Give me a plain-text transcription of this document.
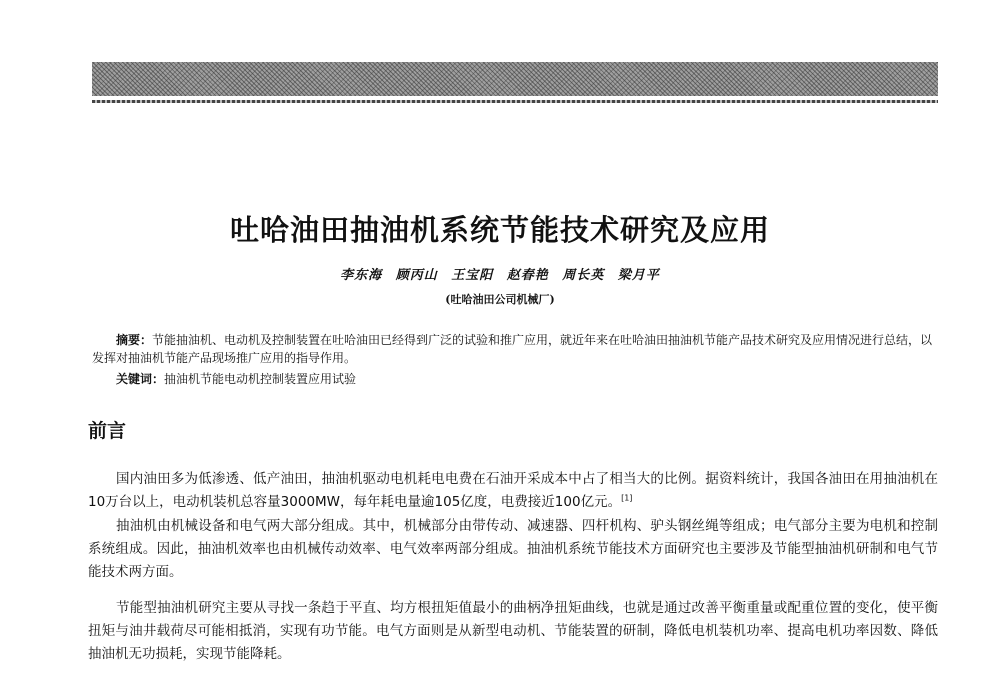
吐哈油田抽油机系统节能技术研究及应用
李东海 顾丙山 王宝阳 赵春艳 周长英 梁月平
(吐哈油田公司机械厂)

摘要：节能抽油机、电动机及控制装置在吐哈油田已经得到广泛的试验和推广应用，就近年来在吐哈油田抽油机节能产品技术研究及应用情况进行总结，以发挥对抽油机节能产品现场推广应用的指导作用。

关键词：抽油机节能电动机控制装置应用试验

前言

国内油田多为低渗透、低产油田，抽油机驱动电机耗电电费在石油开采成本中占了相当大的比例。据资料统计，我国各油田在用抽油机在10万台以上，电动机装机总容量3000MW，每年耗电量逾105亿度，电费接近100亿元。[1]

抽油机由机械设备和电气两大部分组成。其中，机械部分由带传动、减速器、四杆机构、驴头钢丝绳等组成；电气部分主要为电机和控制系统组成。因此，抽油机效率也由机械传动效率、电气效率两部分组成。抽油机系统节能技术方面研究也主要涉及节能型抽油机研制和电气节能技术两方面。

节能型抽油机研究主要从寻找一条趋于平直、均方根扭矩值最小的曲柄净扭矩曲线，也就是通过改善平衡重量或配重位置的变化，使平衡扭矩与油井载荷尽可能相抵消，实现有功节能。电气方面则是从新型电动机、节能装置的研制，降低电机装机功率、提高电机功率因数、降低抽油机无功损耗，实现节能降耗。
